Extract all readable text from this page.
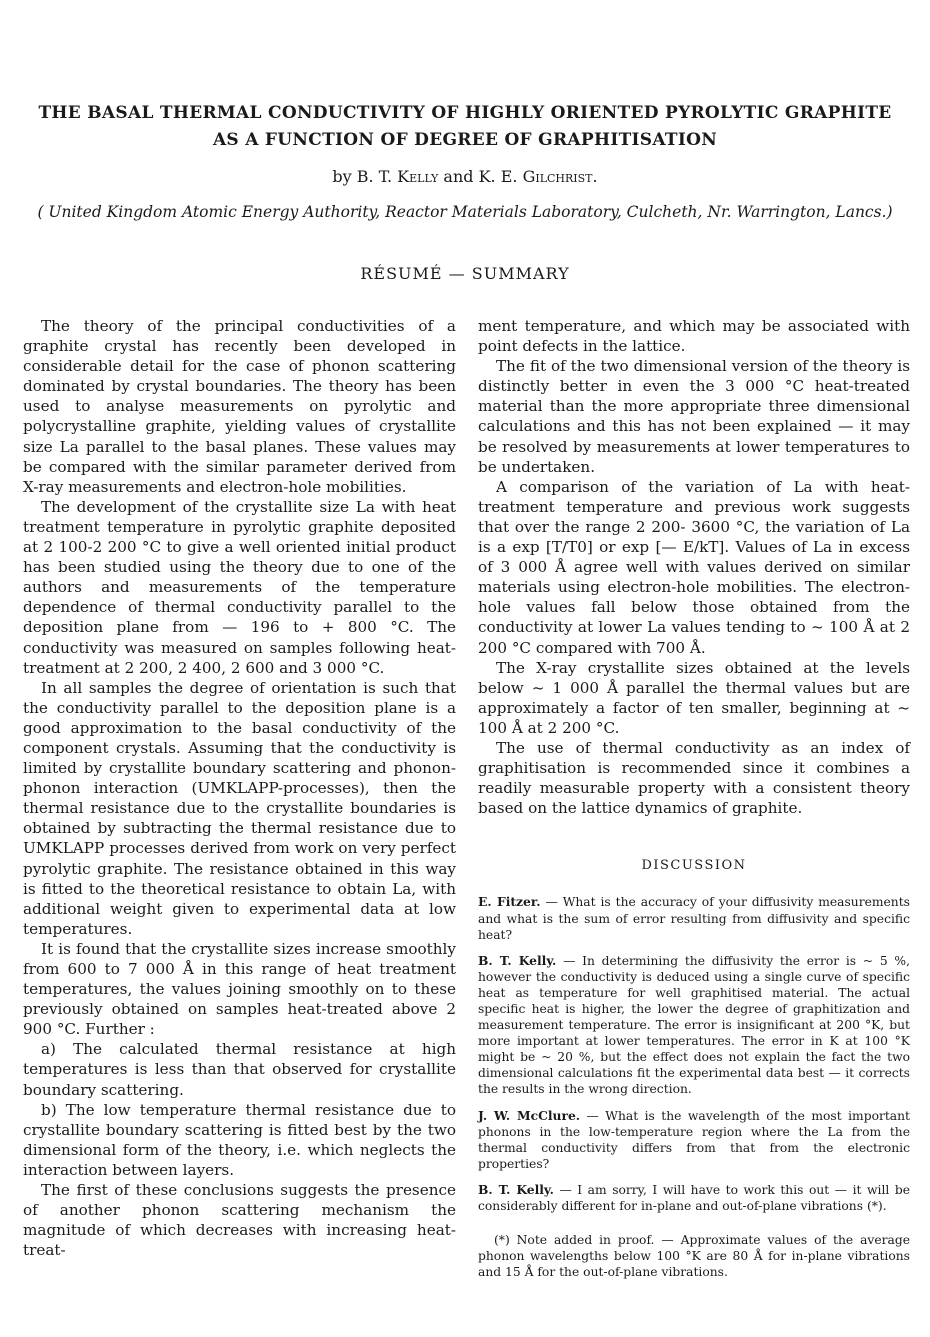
THE BASAL THERMAL CONDUCTIVITY OF HIGHLY ORIENTED PYROLYTIC GRAPHITE
AS A FUNCTION OF DEGREE OF GRAPHITISATION
by B. T. Kelly and K. E. Gilchrist.
( United Kingdom Atomic Energy Authority, Reactor Materials Laboratory, Culcheth, Nr. Warrington, Lancs.)
RÉSUMÉ — SUMMARY

The theory of the principal conductivities of a graphite crystal has recently been developed in considerable detail for the case of phonon scattering dominated by crystal boundaries. The theory has been used to analyse measurements on pyrolytic and polycrystalline graphite, yielding values of crystallite size La parallel to the basal planes. These values may be compared with the similar parameter derived from X-ray measurements and electron-hole mobilities.

The development of the crystallite size La with heat treatment temperature in pyrolytic graphite deposited at 2 100-2 200 °C to give a well oriented initial product has been studied using the theory due to one of the authors and measurements of the temperature dependence of thermal conductivity parallel to the deposition plane from — 196 to + 800 °C. The conductivity was measured on samples following heat-treatment at 2 200, 2 400, 2 600 and 3 000 °C.

In all samples the degree of orientation is such that the conductivity parallel to the deposition plane is a good approximation to the basal conductivity of the component crystals. Assuming that the conductivity is limited by crystallite boundary scattering and phonon-phonon interaction (UMKLAPP-processes), then the thermal resistance due to the crystallite boundaries is obtained by subtracting the thermal resistance due to UMKLAPP processes derived from work on very perfect pyrolytic graphite. The resistance obtained in this way is fitted to the theoretical resistance to obtain La, with additional weight given to experimental data at low temperatures.

It is found that the crystallite sizes increase smoothly from 600 to 7 000 Å in this range of heat treatment temperatures, the values joining smoothly on to these previously obtained on samples heat-treated above 2 900 °C. Further :

a) The calculated thermal resistance at high temperatures is less than that observed for crystallite boundary scattering.

b) The low temperature thermal resistance due to crystallite boundary scattering is fitted best by the two dimensional form of the theory, i.e. which neglects the interaction between layers.

The first of these conclusions suggests the presence of another phonon scattering mechanism the magnitude of which decreases with increasing heat-treat-

ment temperature, and which may be associated with point defects in the lattice.

The fit of the two dimensional version of the theory is distinctly better in even the 3 000 °C heat-treated material than the more appropriate three dimensional calculations and this has not been explained — it may be resolved by measurements at lower temperatures to be undertaken.

A comparison of the variation of La with heat-treatment temperature and previous work suggests that over the range 2 200- 3600 °C, the variation of La is a exp [T/T0] or exp [— E/kT]. Values of La in excess of 3 000 Å agree well with values derived on similar materials using electron-hole mobilities. The electron-hole values fall below those obtained from the conductivity at lower La values tending to ~ 100 Å at 2 200 °C compared with 700 Å.

The X-ray crystallite sizes obtained at the levels below ~ 1 000 Å parallel the thermal values but are approximately a factor of ten smaller, beginning at ~ 100 Å at 2 200 °C.

The use of thermal conductivity as an index of graphitisation is recommended since it combines a readily measurable property with a consistent theory based on the lattice dynamics of graphite.

DISCUSSION

E. Fitzer. — What is the accuracy of your diffusivity measurements and what is the sum of error resulting from diffusivity and specific heat?

B. T. Kelly. — In determining the diffusivity the error is ~ 5 %, however the conductivity is deduced using a single curve of specific heat as temperature for well graphitised material. The actual specific heat is higher, the lower the degree of graphitization and measurement temperature. The error is insignificant at 200 °K, but more important at lower temperatures. The error in K at 100 °K might be ~ 20 %, but the effect does not explain the fact the two dimensional calculations fit the experimental data best — it corrects the results in the wrong direction.

J. W. McClure. — What is the wavelength of the most important phonons in the low-temperature region where the La from the thermal conductivity differs from that from the electronic properties?

B. T. Kelly. — I am sorry, I will have to work this out — it will be considerably different for in-plane and out-of-plane vibrations (*).

(*) Note added in proof. — Approximate values of the average phonon wavelengths below 100 °K are 80 Å for in-plane vibrations and 15 Å for the out-of-plane vibrations.
